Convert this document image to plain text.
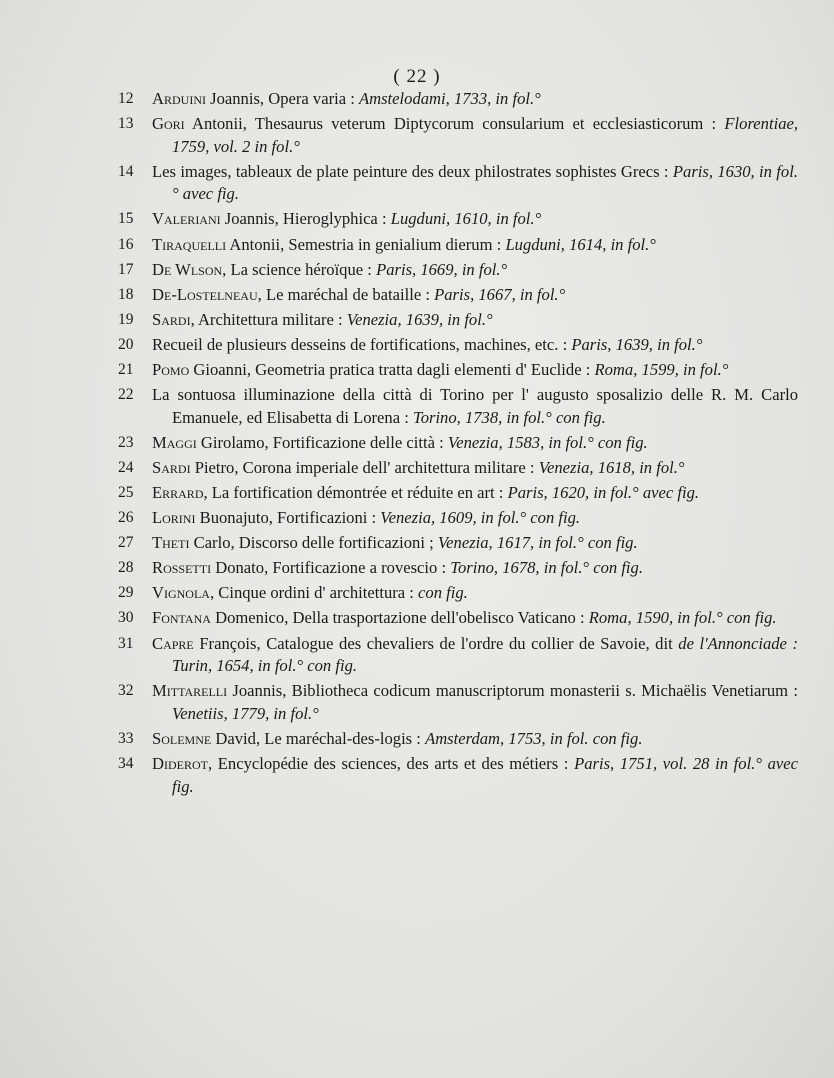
( 22 )
12	Arduini Joannis, Opera varia : Amstelodami, 1733, in fol.°
13	Gori Antonii, Thesaurus veterum Diptycorum consularium et ecclesiasticorum : Florentiae, 1759, vol. 2 in fol.°
14	Les images, tableaux de plate peinture des deux philostrates sophistes Grecs : Paris, 1630, in fol.° avec fig.
15	Valeriani Joannis, Hieroglyphica : Lugduni, 1610, in fol.°
16	Tiraquelli Antonii, Semestria in genialium dierum : Lugduni, 1614, in fol.°
17	De Wlson, La science héroïque : Paris, 1669, in fol.°
18	De-Lostelneau, Le maréchal de bataille : Paris, 1667, in fol.°
19	Sardi, Architettura militare : Venezia, 1639, in fol.°
20	Recueil de plusieurs desseins de fortifications, machines, etc. : Paris, 1639, in fol.°
21	Pomo Gioanni, Geometria pratica tratta dagli elementi d' Euclide : Roma, 1599, in fol.°
22	La sontuosa illuminazione della città di Torino per l' augusto sposalizio delle R. M. Carlo Emanuele, ed Elisabetta di Lorena : Torino, 1738, in fol.° con fig.
23	Maggi Girolamo, Fortificazione delle città : Venezia, 1583, in fol.° con fig.
24	Sardi Pietro, Corona imperiale dell' architettura militare : Venezia, 1618, in fol.°
25	Errard, La fortification démontrée et réduite en art : Paris, 1620, in fol.° avec fig.
26	Lorini Buonajuto, Fortificazioni : Venezia, 1609, in fol.° con fig.
27	Theti Carlo, Discorso delle fortificazioni ; Venezia, 1617, in fol.° con fig.
28	Rossetti Donato, Fortificazione a rovescio : Torino, 1678, in fol.° con fig.
29	Vignola, Cinque ordini d' architettura : con fig.
30	Fontana Domenico, Della trasportazione dell'obelisco Vaticano : Roma, 1590, in fol.° con fig.
31	Capre François, Catalogue des chevaliers de l'ordre du collier de Savoie, dit de l'Annonciade : Turin, 1654, in fol.° con fig.
32	Mittarelli Joannis, Bibliotheca codicum manuscriptorum monasterii s. Michaëlis Venetiarum : Venetiis, 1779, in fol.°
33	Solemne David, Le maréchal-des-logis : Amsterdam, 1753, in fol. con fig.
34	Diderot, Encyclopédie des sciences, des arts et des métiers : Paris, 1751, vol. 28 in fol.° avec fig.
